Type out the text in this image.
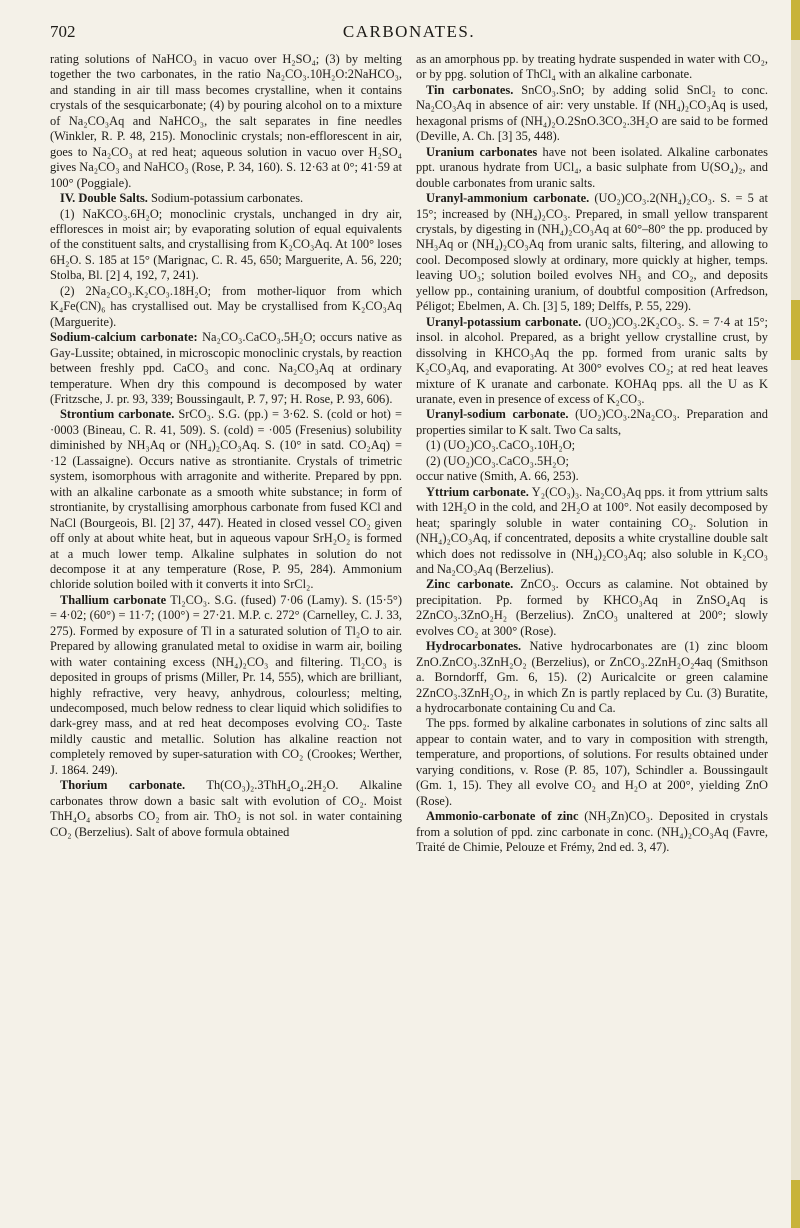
702	CARBONATES.

rating solutions of NaHCO₃ in vacuo over H₂SO₄; (3) by melting together the two carbonates, in the ratio Na₂CO₃.10H₂O:2NaHCO₃, and standing in air till mass becomes crystalline, when it contains crystals of the sesquicarbonate; (4) by pouring alcohol on to a mixture of Na₂CO₃Aq and NaHCO₃, the salt separates in fine needles (Winkler, R. P. 48, 215). Monoclinic crystals; non-efflorescent in air, goes to Na₂CO₃ at red heat; aqueous solution in vacuo over H₂SO₄ gives Na₂CO₃ and NaHCO₃ (Rose, P. 34, 160). S. 12·63 at 0°; 41·59 at 100° (Poggiale).

IV. Double Salts. Sodium-potassium carbonates.

(1) NaKCO₃.6H₂O; monoclinic crystals, unchanged in dry air, effloresces in moist air; by evaporating solution of equal equivalents of the constituent salts, and crystallising from K₂CO₃Aq. At 100° loses 6H₂O. S. 185 at 15° (Marignac, C. R. 45, 650; Marguerite, A. 56, 220; Stolba, Bl. [2] 4, 192, 7, 241).

(2) 2Na₂CO₃.K₂CO₃.18H₂O; from mother-liquor from which K₄Fe(CN)₆ has crystallised out. May be crystallised from K₂CO₃Aq (Marguerite).

Sodium-calcium carbonate: Na₂CO₃.CaCO₃.5H₂O; occurs native as Gay-Lussite; obtained, in microscopic monoclinic crystals, by reaction between freshly ppd. CaCO₃ and conc. Na₂CO₃Aq at ordinary temperature. When dry this compound is decomposed by water (Fritzsche, J. pr. 93, 339; Boussingault, P. 7, 97; H. Rose, P. 93, 606).

Strontium carbonate. SrCO₃. S.G. (pp.) = 3·62. S. (cold or hot) = ·0003 (Bineau, C. R. 41, 509). S. (cold) = ·005 (Fresenius) solubility diminished by NH₃Aq or (NH₄)₂CO₃Aq. S. (10° in satd. CO₂Aq) = ·12 (Lassaigne). Occurs native as strontianite. Crystals of trimetric system, isomorphous with arragonite and witherite. Prepared by ppn. with an alkaline carbonate as a smooth white substance; in form of strontianite, by crystallising amorphous carbonate from fused KCl and NaCl (Bourgeois, Bl. [2] 37, 447). Heated in closed vessel CO₂ given off only at about white heat, but in aqueous vapour SrH₂O₂ is formed at a much lower temp. Alkaline sulphates in solution do not decompose it at any temperature (Rose, P. 95, 284). Ammonium chloride solution boiled with it converts it into SrCl₂.

Thallium carbonate Tl₂CO₃. S.G. (fused) 7·06 (Lamy). S. (15·5°) = 4·02; (60°) = 11·7; (100°) = 27·21. M.P. c. 272° (Carnelley, C. J. 33, 275). Formed by exposure of Tl in a saturated solution of Tl₂O to air. Prepared by allowing granulated metal to oxidise in warm air, boiling with water containing excess (NH₄)₂CO₃ and filtering. Tl₂CO₃ is deposited in groups of prisms (Miller, Pr. 14, 555), which are brilliant, highly refractive, very heavy, anhydrous, colourless; melting, undecomposed, much below redness to clear liquid which solidifies to dark-grey mass, and at red heat decomposes evolving CO₂. Taste mildly caustic and metallic. Solution has alkaline reaction not completely removed by super-saturation with CO₂ (Crookes; Werther, J. 1864. 249).

Thorium carbonate. Th(CO₃)₂.3ThH₄O₄.2H₂O. Alkaline carbonates throw down a basic salt with evolution of CO₂. Moist ThH₄O₄ absorbs CO₂ from air. ThO₂ is not sol. in water containing CO₂ (Berzelius). Salt of above formula obtained

as an amorphous pp. by treating hydrate suspended in water with CO₂, or by ppg. solution of ThCl₄ with an alkaline carbonate.

Tin carbonates. SnCO₃.SnO; by adding solid SnCl₂ to conc. Na₂CO₃Aq in absence of air: very unstable. If (NH₄)₂CO₃Aq is used, hexagonal prisms of (NH₄)₂O.2SnO.3CO₂.3H₂O are said to be formed (Deville, A. Ch. [3] 35, 448).

Uranium carbonates have not been isolated. Alkaline carbonates ppt. uranous hydrate from UCl₄, a basic sulphate from U(SO₄)₂, and double carbonates from uranic salts.

Uranyl-ammonium carbonate. (UO₂)CO₃.2(NH₄)₂CO₃. S. = 5 at 15°; increased by (NH₄)₂CO₃. Prepared, in small yellow transparent crystals, by digesting in (NH₄)₂CO₃Aq at 60°–80° the pp. produced by NH₃Aq or (NH₄)₂CO₃Aq from uranic salts, filtering, and allowing to cool. Decomposed slowly at ordinary, more quickly at higher, temps. leaving UO₃; solution boiled evolves NH₃ and CO₂, and deposits yellow pp., containing uranium, of doubtful composition (Arfredson, Péligot; Ebelmen, A. Ch. [3] 5, 189; Delffs, P. 55, 229).

Uranyl-potassium carbonate. (UO₂)CO₃.2K₂CO₃. S. = 7·4 at 15°; insol. in alcohol. Prepared, as a bright yellow crystalline crust, by dissolving in KHCO₃Aq the pp. formed from uranic salts by K₂CO₃Aq, and evaporating. At 300° evolves CO₂; at red heat leaves mixture of K uranate and carbonate. KOHAq pps. all the U as K uranate, even in presence of excess of K₂CO₃.

Uranyl-sodium carbonate. (UO₂)CO₃.2Na₂CO₃. Preparation and properties similar to K salt. Two Ca salts,

(1) (UO₂)CO₃.CaCO₃.10H₂O;

(2) (UO₂)CO₃.CaCO₃.5H₂O;

occur native (Smith, A. 66, 253).

Yttrium carbonate. Y₂(CO₃)₃. Na₂CO₃Aq pps. it from yttrium salts with 12H₂O in the cold, and 2H₂O at 100°. Not easily decomposed by heat; sparingly soluble in water containing CO₂. Solution in (NH₄)₂CO₃Aq, if concentrated, deposits a white crystalline double salt which does not redissolve in (NH₄)₂CO₃Aq; also soluble in K₂CO₃ and Na₂CO₃Aq (Berzelius).

Zinc carbonate. ZnCO₃. Occurs as calamine. Not obtained by precipitation. Pp. formed by KHCO₃Aq in ZnSO₄Aq is 2ZnCO₃.3ZnO₂H₂ (Berzelius). ZnCO₃ unaltered at 200°; slowly evolves CO₂ at 300° (Rose).

Hydrocarbonates. Native hydrocarbonates are (1) zinc bloom ZnO.ZnCO₃.3ZnH₂O₂ (Berzelius), or ZnCO₃.2ZnH₂O₂4aq (Smithson a. Borndorff, Gm. 6, 15). (2) Auricalcite or green calamine 2ZnCO₃.3ZnH₂O₂, in which Zn is partly replaced by Cu. (3) Buratite, a hydrocarbonate containing Cu and Ca.

The pps. formed by alkaline carbonates in solutions of zinc salts all appear to contain water, and to vary in composition with strength, temperature, and proportions, of solutions. For results obtained under varying conditions, v. Rose (P. 85, 107), Schindler a. Boussingault (Gm. 1, 15). They all evolve CO₂ and H₂O at 200°, yielding ZnO (Rose).

Ammonio-carbonate of zinc (NH₃Zn)CO₃. Deposited in crystals from a solution of ppd. zinc carbonate in conc. (NH₄)₂CO₃Aq (Favre, Traité de Chimie, Pelouze et Frémy, 2nd ed. 3, 47).
